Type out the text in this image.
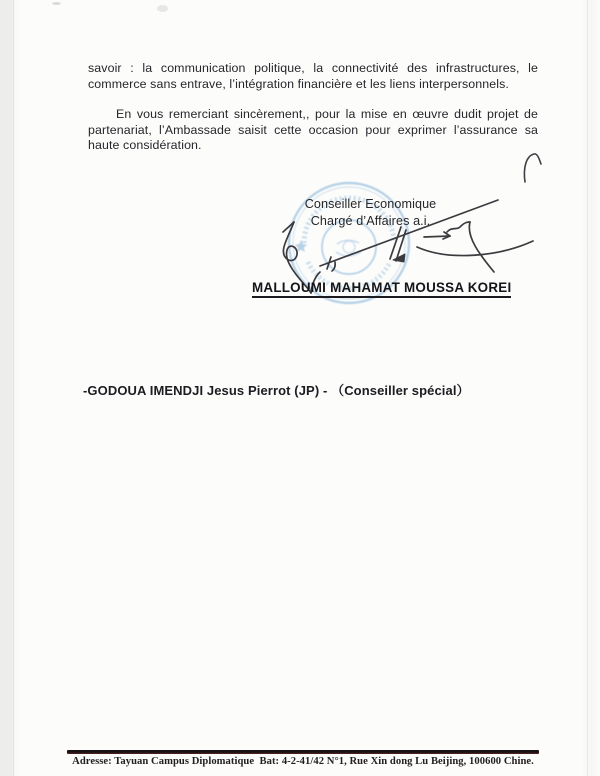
savoir : la communication politique, la connectivité des infrastructures, le commerce sans entrave, l’intégration financière et les liens interpersonnels.

En vous remerciant sincèrement,, pour la mise en œuvre dudit projet de partenariat, l’Ambassade saisit cette occasion pour exprimer l’assurance sa haute considération.

Conseiller Economique
Chargé d’Affaires a.i.
MALLOUMI MAHAMAT MOUSSA KOREI
-GODOUA IMENDJI Jesus Pierrot (JP) - （Conseiller spécial）
Adresse: Tayuan Campus Diplomatique  Bat: 4-2-41/42 N°1, Rue Xin dong Lu Beijing, 100600 Chine.
